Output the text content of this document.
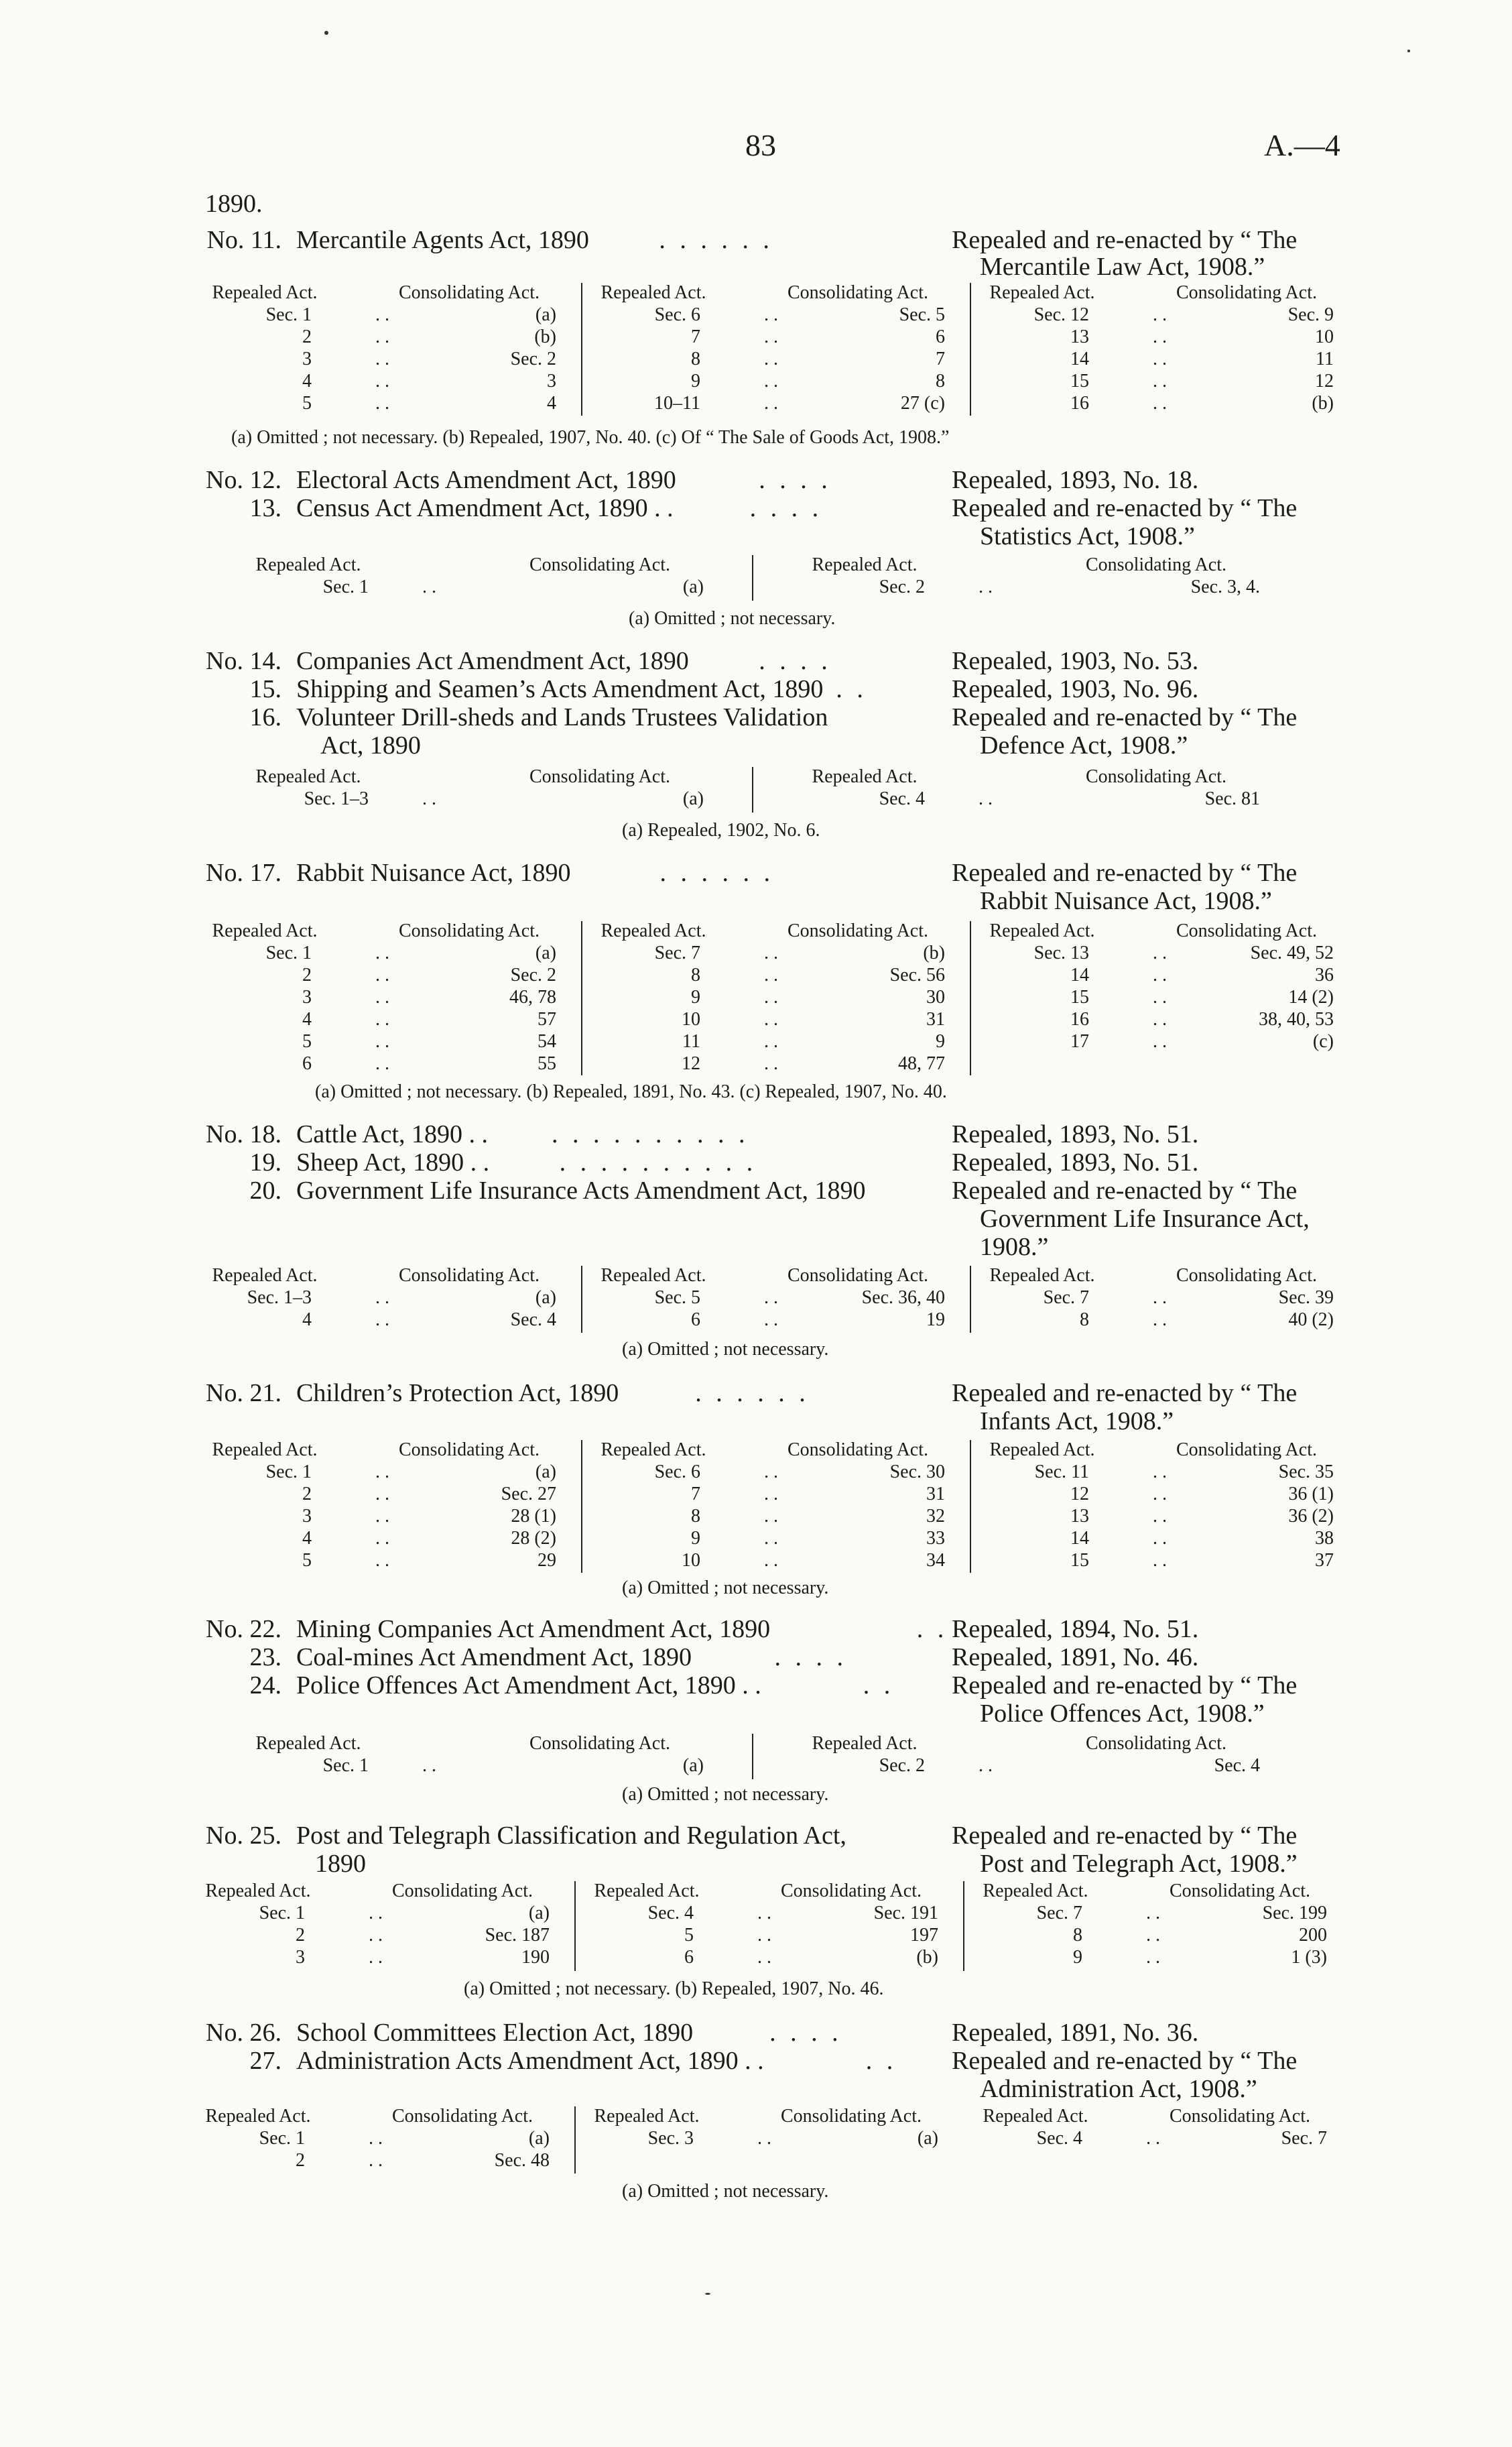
83	A.—4
1890.
No. 11. Mercantile Agents Act, 1890	. . . . . .	Repealed and re-enacted by “ The
Mercantile Law Act, 1908.”
Repealed Act.	Consolidating Act.
Sec. 1	. .	(a)
2	. .	(b)
3	. .	Sec. 2
4	. .	3
5	. .	4
Repealed Act.	Consolidating Act.
Sec. 6	. .	Sec. 5
7	. .	6
8	. .	7
9	. .	8
10–11	. .	27 (c)
Repealed Act.	Consolidating Act.
Sec. 12	. .	Sec. 9
13	. .	10
14	. .	11
15	. .	12
16	. .	(b)
(a) Omitted ; not necessary. (b) Repealed, 1907, No. 40. (c) Of “ The Sale of Goods Act, 1908.”
No. 12. Electoral Acts Amendment Act, 1890	. . . .	Repealed, 1893, No. 18.
13. Census Act Amendment Act, 1890 . .	. . . .	Repealed and re-enacted by “ The
Statistics Act, 1908.”
Repealed Act.	Consolidating Act.
Sec. 1	. .	(a)
Repealed Act.	Consolidating Act.
Sec. 2	. .	Sec. 3, 4.
(a) Omitted ; not necessary.
No. 14. Companies Act Amendment Act, 1890	. . . .	Repealed, 1903, No. 53.
15. Shipping and Seamen’s Acts Amendment Act, 1890 . .	Repealed, 1903, No. 96.
16. Volunteer Drill-sheds and Lands Trustees Validation	Repealed and re-enacted by “ The
Act, 1890	Defence Act, 1908.”
Repealed Act.	Consolidating Act.
Sec. 1–3	. .	(a)
Repealed Act.	Consolidating Act.
Sec. 4	. .	Sec. 81
(a) Repealed, 1902, No. 6.
No. 17. Rabbit Nuisance Act, 1890	. . . . . .	Repealed and re-enacted by “ The
Rabbit Nuisance Act, 1908.”
Repealed Act.	Consolidating Act.
Sec. 1	. .	(a)
2	. .	Sec. 2
3	. .	46, 78
4	. .	57
5	. .	54
6	. .	55
Repealed Act.	Consolidating Act.
Sec. 7	. .	(b)
8	. .	Sec. 56
9	. .	30
10	. .	31
11	. .	9
12	. .	48, 77
Repealed Act.	Consolidating Act.
Sec. 13	. .	Sec. 49, 52
14	. .	36
15	. .	14 (2)
16	. .	38, 40, 53
17	. .	(c)
(a) Omitted ; not necessary. (b) Repealed, 1891, No. 43. (c) Repealed, 1907, No. 40.
No. 18. Cattle Act, 1890 . .	. . . . . . . . . .	Repealed, 1893, No. 51.
19. Sheep Act, 1890 . .	. . . . . . . . . .	Repealed, 1893, No. 51.
20. Government Life Insurance Acts Amendment Act, 1890	Repealed and re-enacted by “ The
Government Life Insurance Act,
1908.”
Repealed Act.	Consolidating Act.
Sec. 1–3	. .	(a)
4	. .	Sec. 4
Repealed Act.	Consolidating Act.
Sec. 5	. .	Sec. 36, 40
6	. .	19
Repealed Act.	Consolidating Act.
Sec. 7	. .	Sec. 39
8	. .	40 (2)
(a) Omitted ; not necessary.
No. 21. Children’s Protection Act, 1890	. . . . . .	Repealed and re-enacted by “ The
Infants Act, 1908.”
Repealed Act.	Consolidating Act.
Sec. 1	. .	(a)
2	. .	Sec. 27
3	. .	28 (1)
4	. .	28 (2)
5	. .	29
Repealed Act.	Consolidating Act.
Sec. 6	. .	Sec. 30
7	. .	31
8	. .	32
9	. .	33
10	. .	34
Repealed Act.	Consolidating Act.
Sec. 11	. .	Sec. 35
12	. .	36 (1)
13	. .	36 (2)
14	. .	38
15	. .	37
(a) Omitted ; not necessary.
No. 22. Mining Companies Act Amendment Act, 1890	. . Repealed, 1894, No. 51.
23. Coal-mines Act Amendment Act, 1890	. . . .	Repealed, 1891, No. 46.
24. Police Offences Act Amendment Act, 1890 . .	. .	Repealed and re-enacted by “ The
Police Offences Act, 1908.”
Repealed Act.	Consolidating Act.
Sec. 1	. .	(a)
Repealed Act.	Consolidating Act.
Sec. 2	. .	Sec. 4
(a) Omitted ; not necessary.
No. 25. Post and Telegraph Classification and Regulation Act,	Repealed and re-enacted by “ The
1890	Post and Telegraph Act, 1908.”
Repealed Act.	Consolidating Act.
Sec. 1	. .	(a)
2	. .	Sec. 187
3	. .	190
Repealed Act.	Consolidating Act.
Sec. 4	. .	Sec. 191
5	. .	197
6	. .	(b)
Repealed Act.	Consolidating Act.
Sec. 7	. .	Sec. 199
8	. .	200
9	. .	1 (3)
(a) Omitted ; not necessary. (b) Repealed, 1907, No. 46.
No. 26. School Committees Election Act, 1890	. . . .	Repealed, 1891, No. 36.
27. Administration Acts Amendment Act, 1890 . .	. .	Repealed and re-enacted by “ The
Administration Act, 1908.”
Repealed Act.	Consolidating Act.
Sec. 1	. .	(a)
2	. .	Sec. 48
Repealed Act.	Consolidating Act.
Sec. 3	. .	(a)
Repealed Act.	Consolidating Act.
Sec. 4	. .	Sec. 7
(a) Omitted ; not necessary.
